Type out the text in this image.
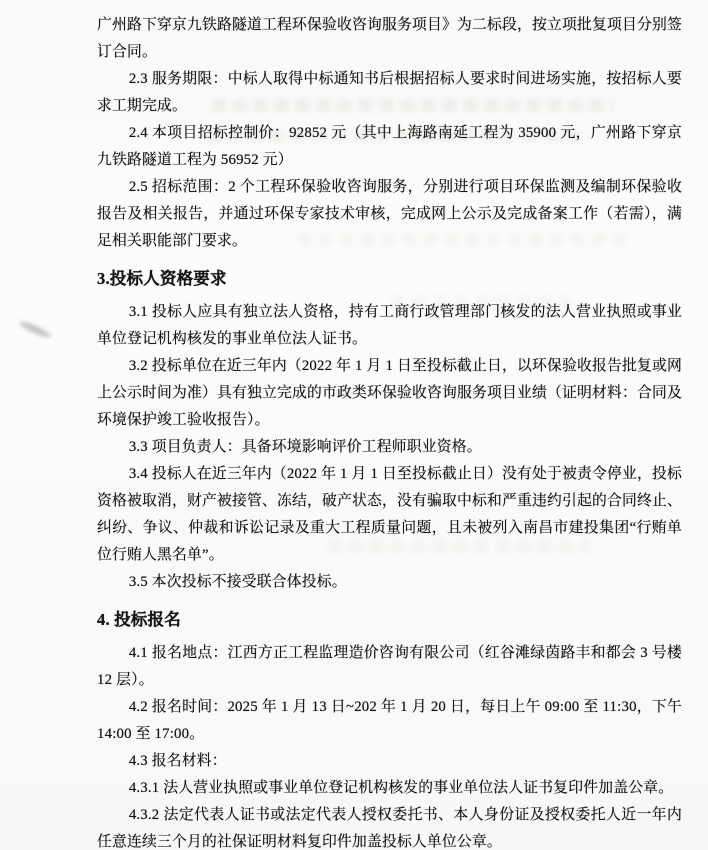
广州路下穿京九铁路隧道工程环保验收咨询服务项目》为二标段，按立项批复项目分别签订合同。

2.3 服务期限：中标人取得中标通知书后根据招标人要求时间进场实施，按招标人要求工期完成。

2.4 本项目招标控制价：92852 元（其中上海路南延工程为 35900 元，广州路下穿京九铁路隧道工程为 56952 元）

2.5 招标范围：2 个工程环保验收咨询服务，分别进行项目环保监测及编制环保验收报告及相关报告，并通过环保专家技术审核，完成网上公示及完成备案工作（若需），满足相关职能部门要求。

3.投标人资格要求

3.1 投标人应具有独立法人资格，持有工商行政管理部门核发的法人营业执照或事业单位登记机构核发的事业单位法人证书。

3.2 投标单位在近三年内（2022 年 1 月 1 日至投标截止日，以环保验收报告批复或网上公示时间为准）具有独立完成的市政类环保验收咨询服务项目业绩（证明材料：合同及环境保护竣工验收报告）。

3.3 项目负责人：具备环境影响评价工程师职业资格。

3.4 投标人在近三年内（2022 年 1 月 1 日至投标截止日）没有处于被责令停业，投标资格被取消，财产被接管、冻结，破产状态，没有骗取中标和严重违约引起的合同终止、纠纷、争议、仲裁和诉讼记录及重大工程质量问题，且未被列入南昌市建投集团“行贿单位行贿人黑名单”。

3.5 本次投标不接受联合体投标。

4. 投标报名

4.1 报名地点：江西方正工程监理造价咨询有限公司（红谷滩绿茵路丰和都会 3 号楼 12 层）。

4.2 报名时间：2025 年 1 月 13 日~202 年 1 月 20 日，每日上午 09:00 至 11:30，下午 14:00 至 17:00。

4.3 报名材料：

4.3.1 法人营业执照或事业单位登记机构核发的事业单位法人证书复印件加盖公章。

4.3.2 法定代表人证书或法定代表人授权委托书、本人身份证及授权委托人近一年内任意连续三个月的社保证明材料复印件加盖投标人单位公章。
